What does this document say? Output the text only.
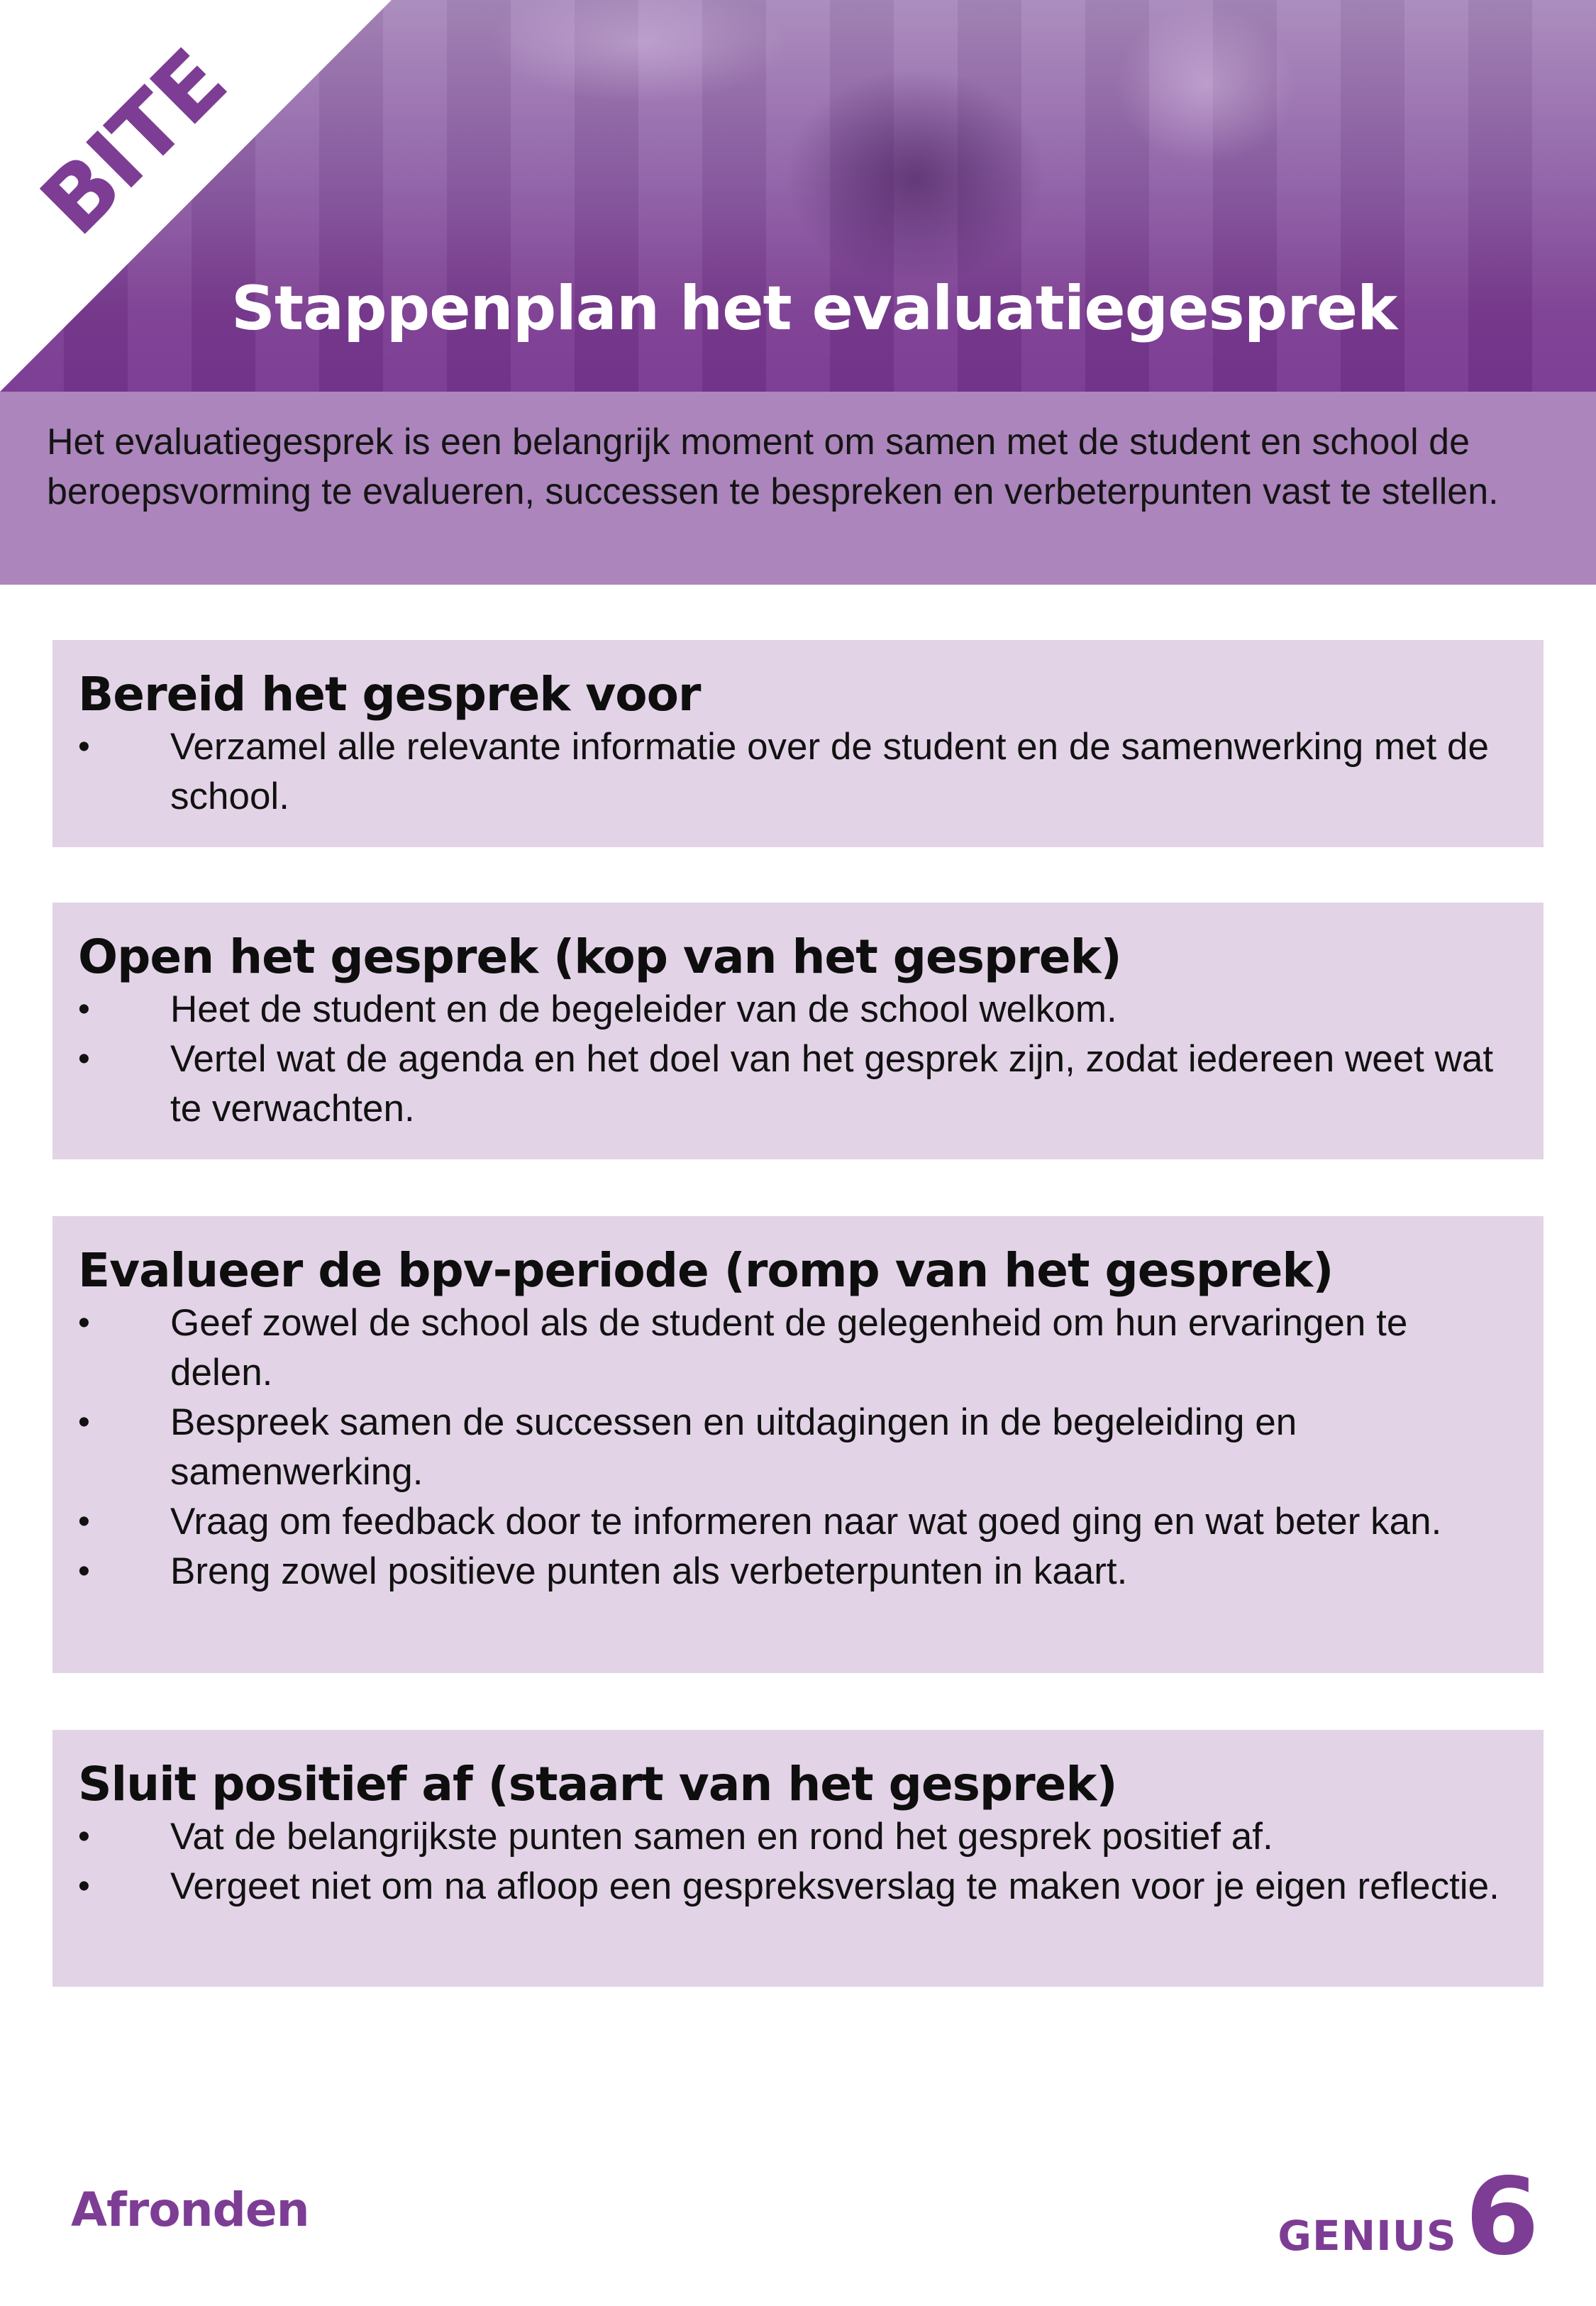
BITE
Stappenplan het evaluatiegesprek

Het evaluatiegesprek is een belangrijk moment om samen met de student en school de beroepsvorming te evalueren, successen te bespreken en verbeterpunten vast te stellen.

Bereid het gesprek voor
•	Verzamel alle relevante informatie over de student en de samenwerking met de school.
Open het gesprek (kop van het gesprek)
•	Heet de student en de begeleider van de school welkom.
•	Vertel wat de agenda en het doel van het gesprek zijn, zodat iedereen weet wat te verwachten.
Evalueer de bpv-periode (romp van het gesprek)
•	Geef zowel de school als de student de gelegenheid om hun ervaringen te delen.
•	Bespreek samen de successen en uitdagingen in de begeleiding en samenwerking.
•	Vraag om feedback door te informeren naar wat goed ging en wat beter kan.
•	Breng zowel positieve punten als verbeterpunten in kaart.
Sluit positief af (staart van het gesprek)
•	Vat de belangrijkste punten samen en rond het gesprek positief af.
•	Vergeet niet om na afloop een gespreksverslag te maken voor je eigen reflectie.
Afronden	GENIUS 6
